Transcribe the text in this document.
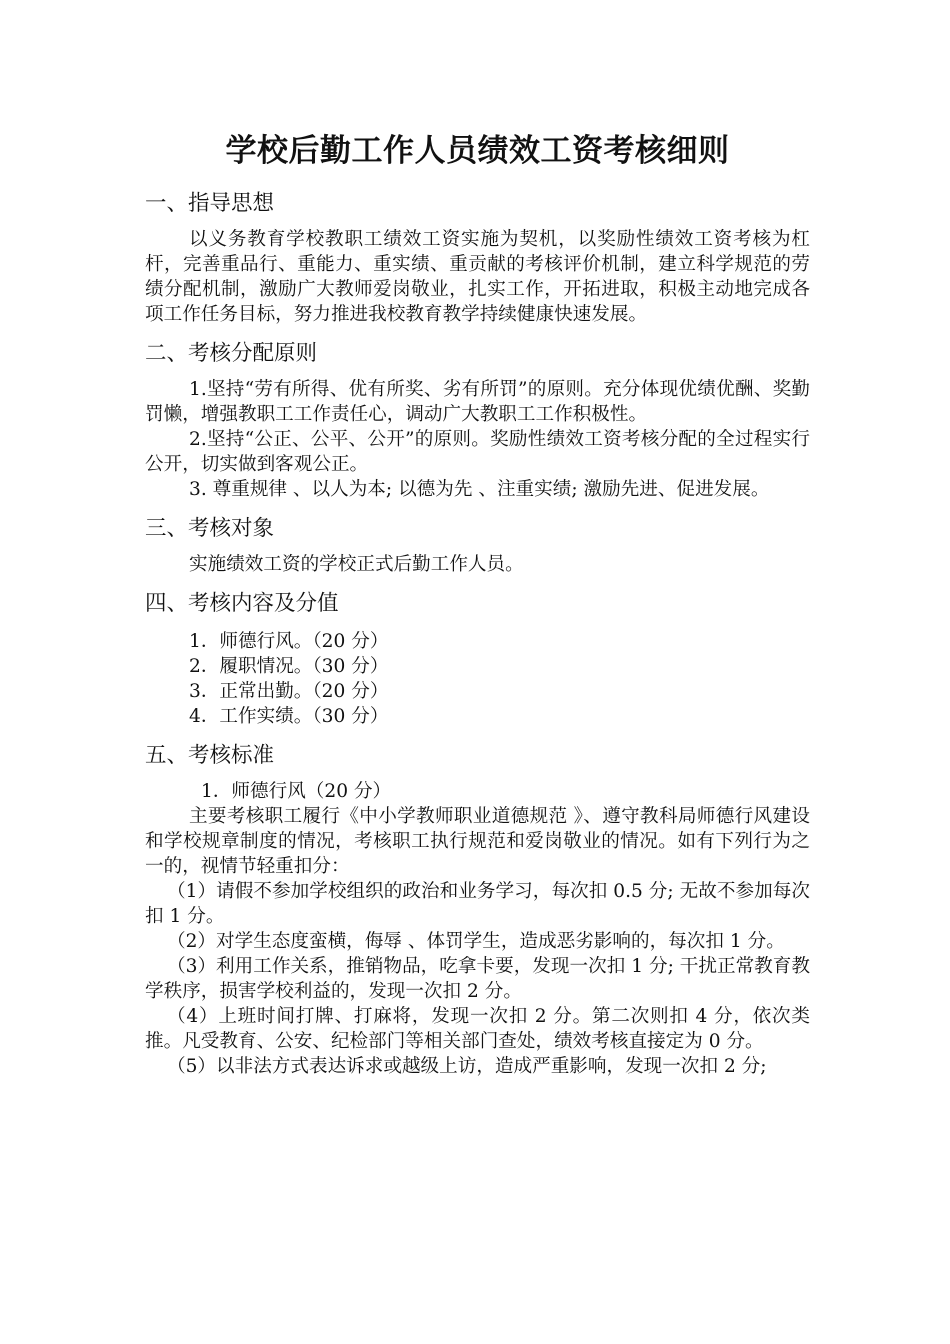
学校后勤工作人员绩效工资考核细则
一、指导思想

以义务教育学校教职工绩效工资实施为契机，以奖励性绩效工资考核为杠杆，完善重品行、重能力、重实绩、重贡献的考核评价机制，建立科学规范的劳绩分配机制，激励广大教师爱岗敬业，扎实工作，开拓进取，积极主动地完成各项工作任务目标，努力推进我校教育教学持续健康快速发展。

二、考核分配原则

1.坚持“劳有所得、优有所奖、劣有所罚”的原则。充分体现优绩优酬、奖勤罚懒，增强教职工工作责任心，调动广大教职工工作积极性。

2.坚持“公正、公平、公开”的原则。奖励性绩效工资考核分配的全过程实行公开，切实做到客观公正。

3. 尊重规律 、以人为本; 以德为先 、注重实绩; 激励先进、促进发展。

三、考核对象

实施绩效工资的学校正式后勤工作人员。

四、考核内容及分值

1．师德行风。（20 分）

2．履职情况。（30 分）

3．正常出勤。（20 分）

4．工作实绩。（30 分）

五、考核标准

1．师德行风（20 分）

主要考核职工履行《中小学教师职业道德规范 》、遵守教科局师德行风建设和学校规章制度的情况，考核职工执行规范和爱岗敬业的情况。如有下列行为之一的，视情节轻重扣分：

（1）请假不参加学校组织的政治和业务学习，每次扣 0.5 分; 无故不参加每次扣 1 分。

（2）对学生态度蛮横，侮辱 、体罚学生，造成恶劣影响的，每次扣 1 分。

（3）利用工作关系，推销物品，吃拿卡要，发现一次扣 1 分; 干扰正常教育教学秩序，损害学校利益的，发现一次扣 2 分。

（4）上班时间打牌、打麻将，发现一次扣 2 分。第二次则扣 4 分，依次类推。凡受教育、公安、纪检部门等相关部门查处，绩效考核直接定为 0 分。

（5）以非法方式表达诉求或越级上访，造成严重影响，发现一次扣 2 分;
